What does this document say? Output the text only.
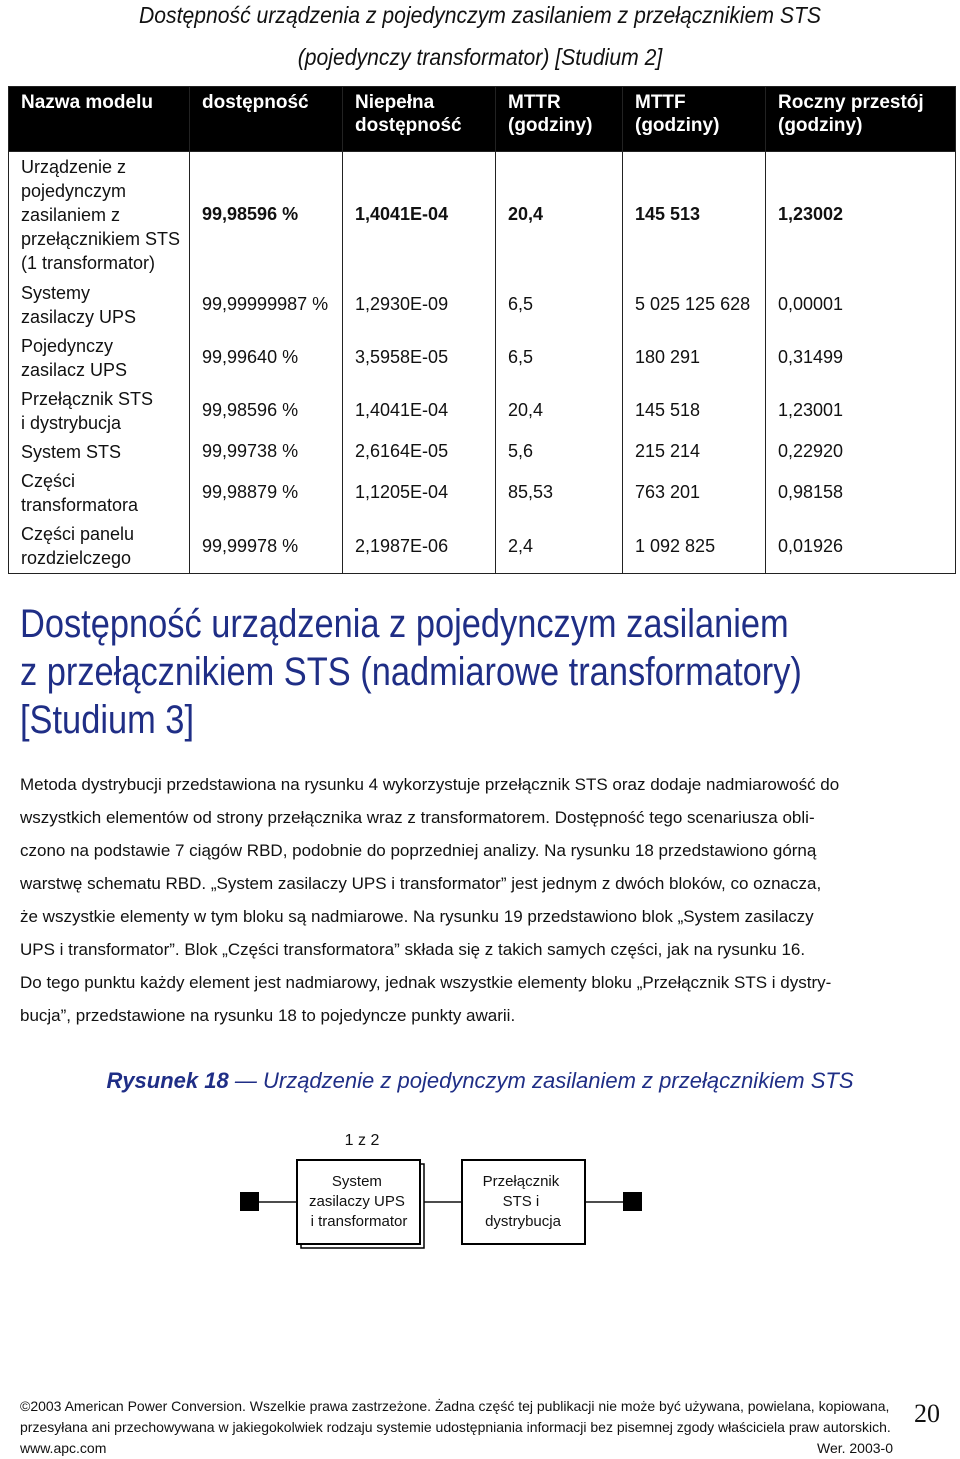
Dostępność urządzenia z pojedynczym zasilaniem z przełącznikiem STS
(pojedynczy transformator) [Studium 2]
Nazwa modelu	dostępność	Niepełna dostępność	MTTR (godziny)	MTTF (godziny)	Roczny przestój (godziny)

Urządzenie z
pojedynczym
zasilaniem z
przełącznikiem STS
(1 transformator)	99,98596 %	1,4041E-04	20,4	145 513	1,23002

Systemy
zasilaczy UPS	99,99999987 %	1,2930E-09	6,5	5 025 125 628	0,00001

Pojedynczy
zasilacz UPS	99,99640 %	3,5958E-05	6,5	180 291	0,31499

Przełącznik STS
i dystrybucja	99,98596 %	1,4041E-04	20,4	145 518	1,23001

System STS	99,99738 %	2,6164E-05	5,6	215 214	0,22920

Części
transformatora	99,98879 %	1,1205E-04	85,53	763 201	0,98158

Części panelu
rozdzielczego	99,99978 %	2,1987E-06	2,4	1 092 825	0,01926
Dostępność urządzenia z pojedynczym zasilaniem
z przełącznikiem STS (nadmiarowe transformatory)
[Studium 3]
Metoda dystrybucji przedstawiona na rysunku 4 wykorzystuje przełącznik STS oraz dodaje nadmiarowość do
wszystkich elementów od strony przełącznika wraz z transformatorem. Dostępność tego scenariusza obli-
czono na podstawie 7 ciągów RBD, podobnie do poprzedniej analizy. Na rysunku 18 przedstawiono górną
warstwę schematu RBD. „System zasilaczy UPS i transformator” jest jednym z dwóch bloków, co oznacza,
że wszystkie elementy w tym bloku są nadmiarowe. Na rysunku 19 przedstawiono blok „System zasilaczy
UPS i transformator”. Blok „Części transformatora” składa się z takich samych części, jak na rysunku 16.
Do tego punktu każdy element jest nadmiarowy, jednak wszystkie elementy bloku „Przełącznik STS i dystry-
bucja”, przedstawione na rysunku 18 to pojedyncze punkty awarii.
Rysunek 18 — Urządzenie z pojedynczym zasilaniem z przełącznikiem STS
1 z 2
System zasilaczy UPS i transformator
Przełącznik STS i dystrybucja
©2003 American Power Conversion. Wszelkie prawa zastrzeżone. Żadna część tej publikacji nie może być używana, powielana, kopiowana,
przesyłana ani przechowywana w jakiegokolwiek rodzaju systemie udostępniania informacji bez pisemnej zgody właściciela praw autorskich.
www.apc.com	Wer. 2003-0
20
